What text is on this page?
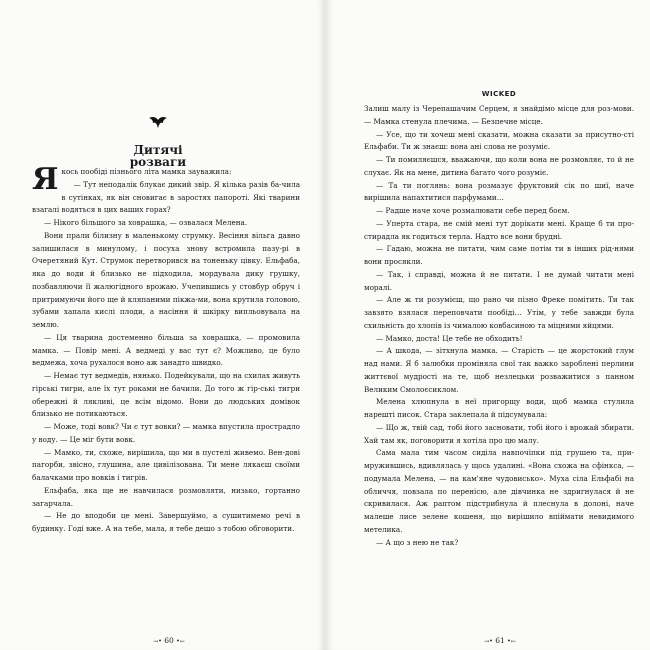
Дитячі
розваги

Якось пообіді пізнього літа мамка зауважила:

— Тут неподалік блукає дикий звір. Я кілька разів ба-чила в сутінках, як він сновигає в заростях папороті. Які тварини взагалі водяться в цих ваших горах?

— Нікого більшого за ховрашка, — озвалася Мелена.

Вони прали білизну в маленькому струмку. Весіння вільга давно залишилася в минулому, і посуха знову встромила пазу-рі в Очеретяний Кут. Струмок перетворився на тоненьку цівку. Ельфаба, яка до води й близько не підходила, мордувала дику грушку, позбавляючи її жалюгідного врожаю. Учепившись у стовбур обруч і притримуючи його ще й кляпаними пікжа-ми, вона крутила головою, зубами хапала кислі плоди, а насіння й шкірку випльовувала на землю.

— Ця тварина достеменно більша за ховрашка, — промовила мамка. — Повір мені. А ведмеді у вас тут є? Можливо, це було ведмежа, хоча рухалося воно аж занадто швидко.

— Немає тут ведмедів, нянько. Подейкували, що на схилах живуть гірські тигри, але їх тут роками не бачили. До того ж гір-ські тигри обережні й лякливі, це всім відомо. Вони до людських домівок близько не потикаються.

— Може, тоді вовк? Чи є тут вовки? — мамка впустила прострадло у воду. — Це міг бути вовк.

— Мамко, ти, схоже, вирішила, що ми в пустелі живемо. Вен-дові пагорби, звісно, глушина, але цивілізована. Ти мене лякаєш своїми балачками про вовків і тигрів.

Ельфаба, яка ще не навчилася розмовляти, низько, гортанно загарчала.

— Не до вподоби це мені. Завершуймо, а сушитимемо речі в будинку. Годі вже. А на тебе, мала, я тебе дешо з тобою обговорити.

→• 60 •←
WICKED

Залиш малу із Черепашачим Серцем, я знайдімо місце для роз-мови. — Мамка стенула плечима. — Безпечне місце.

— Усе, що ти хочеш мені сказати, можна сказати за присутно-сті Ельфаби. Ти ж знаєш: вона ані слова не розуміє.

— Ти помиляєшся, вважаючи, що коли вона не розмовляє, то й не слухає. Як на мене, дитина багато чого розуміє.

— Та ти поглянь: вона розмазує фруктовий сік по шиї, наче вирішила напахтитися парфумами…

— Радше наче хоче розмалювати себе перед боєм.

— Уперта стара, не смій мені тут дорікати мені. Краще б ти про-стирадла як годиться терла. Надто все вони брудні.

— Гадаю, можна не питати, чим саме потім ти в інших рід-нями вони просякли.

— Так, і справді, можна й не питати. І не думай читати мені моралі.

— Але ж ти розумієш, що рано чи пізно Фреке помітить. Ти так завзято взялася переповчати пообіді… Утім, у тебе завжди була схильність до хлопів із чималою ковбасиною та міцними яйцями.

— Мамко, доста! Це тебе не обходить!

— А шкода, — зітхнула мамка. — Старість — це жорстокий глум над нами. Я б залюбки проміняла свої так важко зароблені перлини життєвої мудрості на те, щоб незлецьки розважитися з панном Великим Смолоєсиклом.

Мелена хлюпнула в неї пригорщу води, щоб мамка стулила нарешті писок. Стара заклепала й підсумувала:

— Що ж, твій сад, тобі його засновати, тобі його і врожай збирати. Хай там як, поговорити я хотіла про цю малу.

Сама мала тим часом сиділа навпочіпки під грушею та, при-мружившись, вдивлялась у щось удалині. «Вона схожа на сфінкса, — подумала Мелена, — на кам'яне чудовисько». Муха сіла Ельфабі на обличчя, повзала по перенісю, але дівчинка не здригнулася й не скривилася. Аж раптом підстрибнула й плеснула в долоні, наче малеше лисе зелене кошеня, що вирішило впіймати невидимого метелика.

— А що з нею не так?

→• 61 •←
